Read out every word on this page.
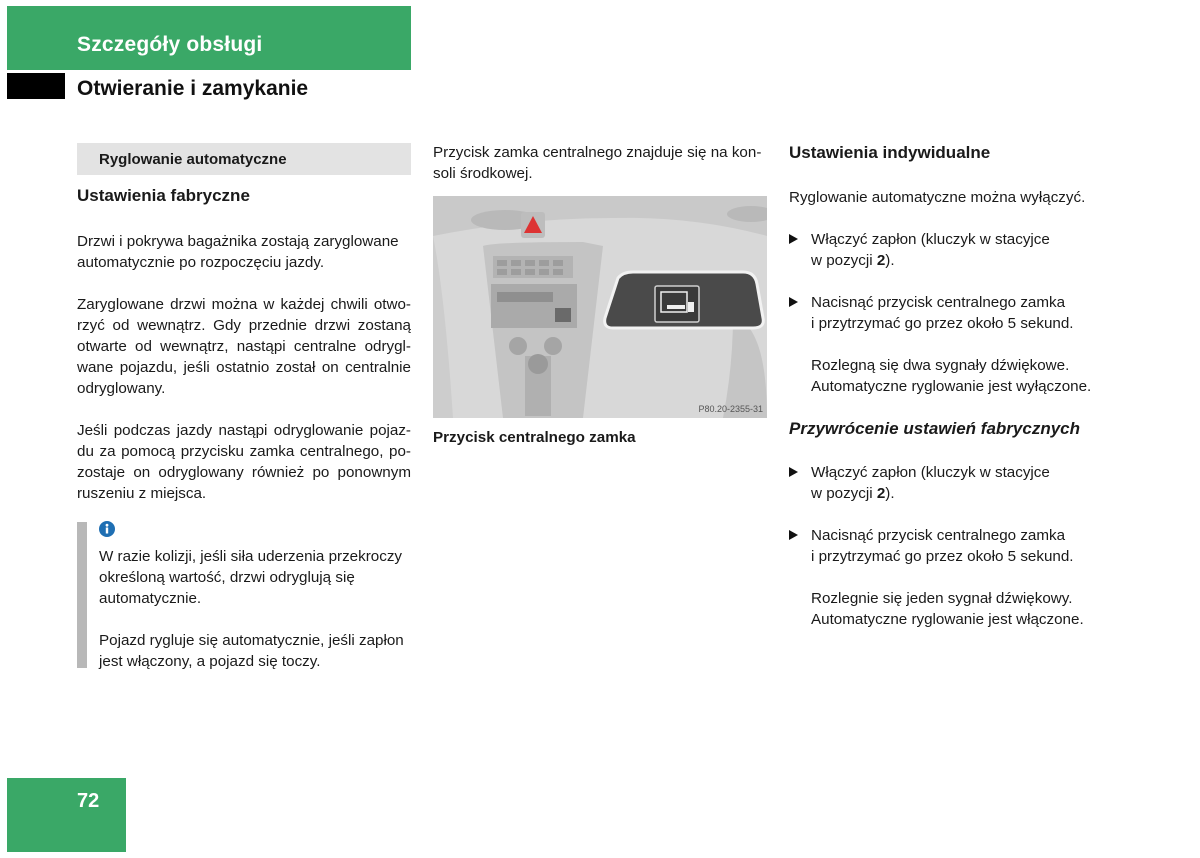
Szczegóły obsługi
Otwieranie i zamykanie
Ryglowanie automatyczne
Ustawienia fabryczne
Drzwi i pokrywa bagażnika zostają zaryglowane
automatycznie po rozpoczęciu jazdy.
Zaryglowane drzwi można w każdej chwili otwo-
rzyć od wewnątrz. Gdy przednie drzwi zostaną
otwarte od wewnątrz, nastąpi centralne odrygl-
wane pojazdu, jeśli ostatnio został on centralnie
odryglowany.
Jeśli podczas jazdy nastąpi odryglowanie pojaz-
du za pomocą przycisku zamka centralnego, po-
zostaje on odryglowany również po ponownym
ruszeniu z miejsca.
W razie kolizji, jeśli siła uderzenia przekroczy
określoną wartość, drzwi odryglują się
automatycznie.
Pojazd rygluje się automatycznie, jeśli zapłon
jest włączony, a pojazd się toczy.
Przycisk zamka centralnego znajduje się na kon-
soli środkowej.
P80.20-2355-31
Przycisk centralnego zamka
Ustawienia indywidualne
Ryglowanie automatyczne można wyłączyć.
Włączyć zapłon (kluczyk w stacyjce
w pozycji 2).
Nacisnąć przycisk centralnego zamka
i przytrzymać go przez około 5 sekund.
Rozlegną się dwa sygnały dźwiękowe.
Automatyczne ryglowanie jest wyłączone.
Przywrócenie ustawień fabrycznych
Włączyć zapłon (kluczyk w stacyjce
w pozycji 2).
Nacisnąć przycisk centralnego zamka
i przytrzymać go przez około 5 sekund.
Rozlegnie się jeden sygnał dźwiękowy.
Automatyczne ryglowanie jest włączone.
72
